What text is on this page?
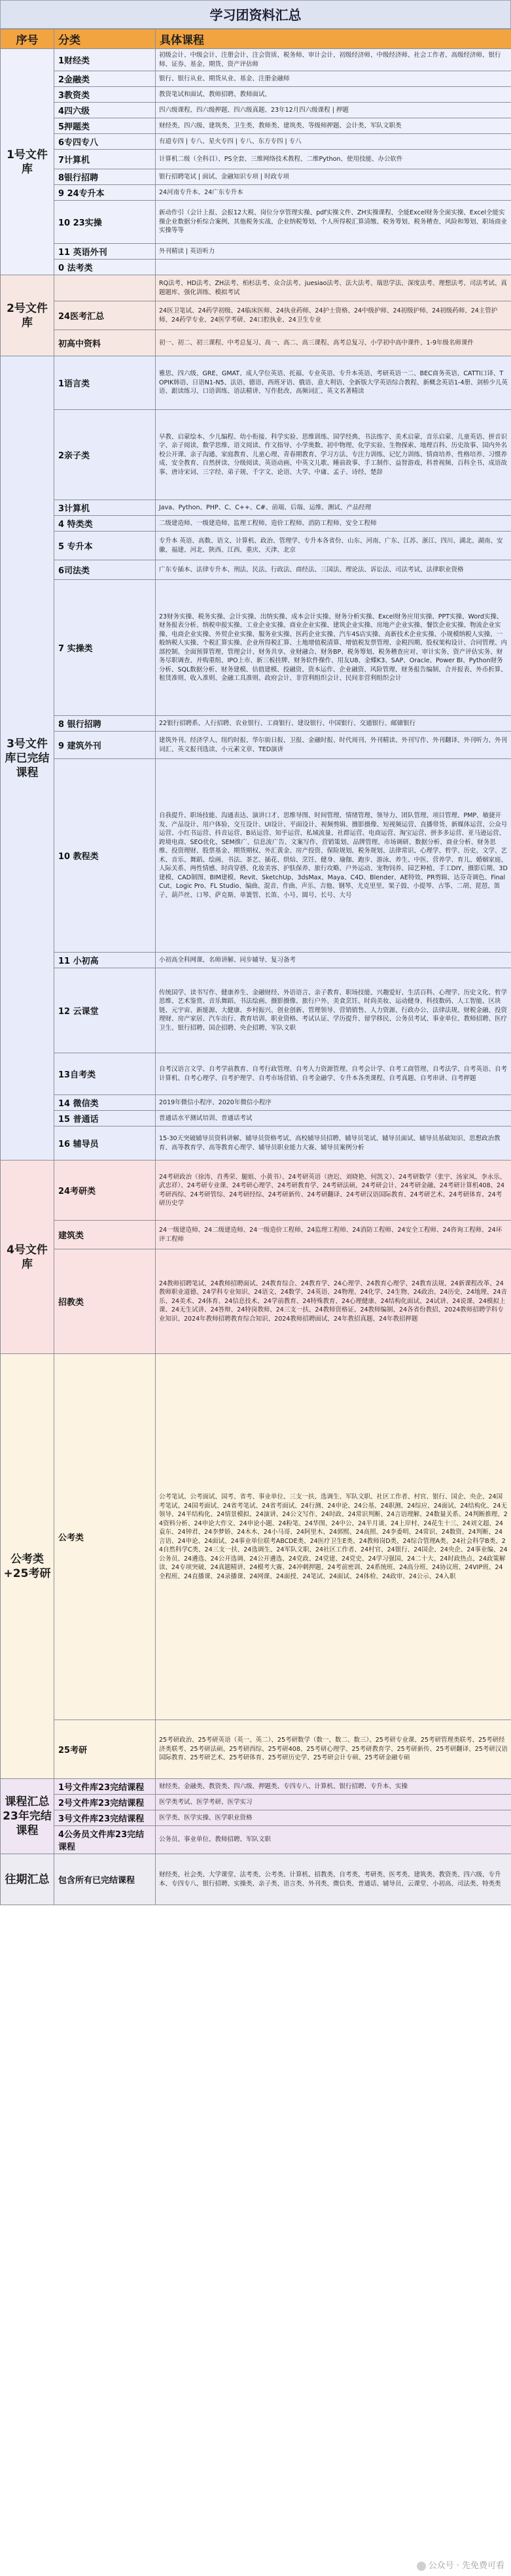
学习团资料汇总
序号	分类	具体课程
1号文件库	1财经类	初级会计、中级会计、注册会计、注会资质、税务师、审计会计、初级经济师、中级经济师、社会工作者、高级经济师、银行师、证券、基金、期货、资产评估师
	2金融类	银行、银行从业、期货从业、基金、注册金融师
	3教资类	教资笔试和面试、教师招聘、教师面试、
	4四六级	四六级课程、四六级押题、四六级真题、23年12月四六级课程 | 押题
	5押题类	财经类、四六级、建筑类、卫生类、教师类、建筑类、等级师押题、会计类、军队文职类
	6专四专八	有道专四 | 专八、星火专四 | 专八、东方专四 | 专八
	7计算机	计算机二级（全科目）、PS全套、三维网络技术教程、二维Python、使用技能、办公软件
	8银行招聘	银行招聘笔试 | 面试、金融知识专项 | 时政专项
	9 24专升本	24河南专升本、24广东专升本
	10 23实操	新动作引（会计上报、会报12大税、岗位分享管理实操、pdf实操文件、ZH实操课程、全能Excel财务全面实操、Excel全能实操企业数据分析综合案例、其他税务实战、企业纳税筹划、个人所得税汇算清缴、税务筹划、税务稽查、风险和筹划、职场商业实操等等
	11 英语外刊	外刊精读 | 英语听力
	0 法考类	
2号文件库		RQ法考、HD法考、ZH法考、柏杉法考、众合法考、juesiao法考、法大法考、瑞思学法、深度法考、理想法考、司法考试、真题题库、强化训练、模拟考试
	24医考汇总	24医卫笔试、24药学初级、24临床医师、24执业药师、24护士资格、24中级护师、24初级护师、24初级药师、24主管护师、24药学专业、24医学考研、24口腔执业、24卫生专业
	初高中资料	初一、初二、初三课程、中考总复习、高一、高二、高三课程、高考总复习、小学初中高中课件、1-9年级名师课件
3号文件库已完结课程	1语言类	雅思、四六级、GRE、GMAT、成人学位英语、托福、专业英语、专升本英语、考研英语一二、BEC商务英语、CATTI口译、TOPIK韩语、日语N1-N5、法语、德语、西班牙语、俄语、意大利语、全新版大学英语综合教程、新概念英语1-4册、剑桥少儿英语、跟读练习、口语训练、语法精讲、写作批改、高频词汇、英文名著精读
	2亲子类	早教、启蒙绘本、少儿编程、幼小衔接、科学实验、思维训练、国学经典、书法练字、美术启蒙、音乐启蒙、儿童英语、拼音识字、亲子阅读、数学思维、语文阅读、作文指导、小学奥数、初中物理、化学实验、生物探索、地理百科、历史故事、国内外名校公开课、亲子沟通、家庭教育、儿童心理、青春期教育、学习方法、专注力训练、记忆力训练、情商培养、性格培养、习惯养成、安全教育、自然拼读、分级阅读、英语动画、中英文儿歌、睡前故事、手工制作、益智游戏、科普视频、百科全书、成语故事、唐诗宋词、三字经、弟子规、千字文、论语、大学、中庸、孟子、诗经、楚辞
	3计算机	Java、Python、PHP、C、C++、C#、前端、后端、运维、测试、产品经理
	4 特类类	二级建造师、一级建造师、监理工程师、造价工程师、消防工程师、安全工程师
	5 专升本	专升本 英语、高数、语文、计算机、政治、管理学、专升本各省份、山东、河南、广东、江苏、浙江、四川、湖北、湖南、安徽、福建、河北、陕西、江西、重庆、天津、北京
	6司法类	广东专插本、法律专升本、刑法、民法、行政法、商经法、三国法、理论法、诉讼法、司法考试、法律职业资格
	7 实操类	23财务实操、税务实操、会计实操、出纳实操、成本会计实操、财务分析实操、Excel财务应用实操、PPT实操、Word实操、财务报表分析、纳税申报实操、工业企业实操、商业企业实操、建筑企业实操、房地产企业实操、餐饮企业实操、物流企业实操、电商企业实操、外贸企业实操、服务业实操、医药企业实操、汽车4S店实操、高新技术企业实操、小规模纳税人实操、一般纳税人实操、个税汇算实操、企业所得税汇算、土地增值税清算、增值税发票管理、金税四期、股权架构设计、合同管理、内部控制、全面预算管理、管理会计、财务共享、业财融合、财务BP、税务筹划、税务稽查应对、审计实务、资产评估实务、财务尽职调查、并购重组、IPO上市、新三板挂牌、财务软件操作、用友U8、金蝶K3、SAP、Oracle、Power BI、Python财务分析、SQL数据分析、财务建模、估值建模、投融资、资本运作、企业融资、风险管理、财务报告编制、合并报表、外币折算、租赁准则、收入准则、金融工具准则、政府会计、非营利组织会计、民间非营利组织会计
	8 银行招聘	22银行招聘系、人行招聘、农业银行、工商银行、建设银行、中国银行、交通银行、邮储银行
	9 建筑外刊	建筑外刊、经济学人、纽约时报、华尔街日报、卫报、金融时报、时代周刊、外刊精读、外刊写作、外刊翻译、外刊听力、外刊词汇、英文报刊选读、小元素文章、TED演讲
	10 教程类	自我提升、职场技能、沟通表达、演讲口才、思维导图、时间管理、情绪管理、领导力、团队管理、项目管理、PMP、敏捷开发、产品设计、用户体验、交互设计、UI设计、平面设计、视频剪辑、摄影摄像、短视频运营、直播带货、新媒体运营、公众号运营、小红书运营、抖音运营、B站运营、知乎运营、私域流量、社群运营、电商运营、淘宝运营、拼多多运营、亚马逊运营、跨境电商、SEO优化、SEM推广、信息流广告、文案写作、营销策划、品牌管理、市场调研、数据分析、商业分析、财务思维、投资理财、股票基金、期货期权、外汇黄金、房产投资、保险规划、税务规划、法律常识、心理学、哲学、历史、文学、艺术、音乐、舞蹈、绘画、书法、茶艺、插花、烘焙、烹饪、健身、瑜伽、跑步、游泳、养生、中医、营养学、育儿、婚姻家庭、人际关系、两性情感、时尚穿搭、化妆美容、护肤保养、旅行攻略、户外运动、宠物饲养、园艺种植、手工DIY、摄影后期、3D建模、CAD制图、BIM建模、Revit、SketchUp、3dsMax、Maya、C4D、Blender、AE特效、PR剪辑、达芬奇调色、Final Cut、Logic Pro、FL Studio、编曲、混音、作曲、声乐、吉他、钢琴、尤克里里、架子鼓、小提琴、古筝、二胡、琵琶、笛子、葫芦丝、口琴、萨克斯、单簧管、长笛、小号、圆号、长号、大号
	11 小初高	小初高全科网课、名师讲解、同步辅导、复习备考
	12 云课堂	传统国学、读书写作、健康养生、金融财经、外语语言、亲子教育、职场技能、兴趣爱好、生活百科、心理学、历史文化、哲学思维、艺术鉴赏、音乐舞蹈、书法绘画、摄影摄像、旅行户外、美食烹饪、时尚美妆、运动健身、科技数码、人工智能、区块链、元宇宙、新能源、大健康、乡村振兴、创业创新、管理领导、营销销售、人力资源、行政办公、法律法规、财税金融、投资理财、房产家居、汽车出行、教育培训、职业资格、考试认证、学历提升、留学移民、公务员考试、事业单位、教师招聘、医疗卫生、银行招聘、国企招聘、央企招聘、军队文职
	13自考类	自考汉语言文学、自考学前教育、自考行政管理、自考人力资源管理、自考会计学、自考工商管理、自考法学、自考英语、自考计算机、自考心理学、自考护理学、自考市场营销、自考金融学、专升本各类课程、自考真题、自考串讲、自考押题
	14 微信类	2019年微信小程序、2020年微信小程序
	15 普通话	普通话水平测试培训、普通话考试
	16 辅导员	15-30天突破辅导员资料讲解、辅导员资格考试、高校辅导员招聘、辅导员笔试、辅导员面试、辅导员基础知识、思想政治教育、高等教育学、高等教育心理学、辅导员职业能力大赛、辅导员案例分析
4号文件库	24考研类	24考研政治（徐涛、肖秀荣、腿姐、小黄书）、24考研英语（唐迟、刘晓艳、何凯文）、24考研数学（张宇、汤家凤、李永乐、武忠祥）、24考研专业课、24考研心理学、24考研教育学、24考研法硕、24考研会计、24考研金融、24考研计算机408、24考研西综、24考研管综、24考研经综、24考研新传、24考研翻译、24考研汉语国际教育、24考研艺术、24考研体育、24考研历史学
	建筑类	24一级建造师、24二级建造师、24一级造价工程师、24监理工程师、24消防工程师、24安全工程师、24咨询工程师、24环评工程师
	招教类	24教师招聘笔试、24教师招聘面试、24教育综合、24教育学、24心理学、24教育心理学、24教育法规、24新课程改革、24教师职业道德、24学科专业知识、24语文、24数学、24英语、24物理、24化学、24生物、24政治、24历史、24地理、24音乐、24美术、24体育、24信息技术、24学前教育、24特殊教育、24心理健康、24结构化面试、24试讲、24说课、24模拟上课、24无生试讲、24答辩、24特岗教师、24三支一扶、24教师资格证、24教师编制、24各省份教招、2024教师招聘学科专业知识、2024年教师招聘教育综合知识、2024教师招聘面试、24年教招真题、24年教招押题
公考类+25考研	公考类	公考笔试、公考面试、国考、省考、事业单位、三支一扶、选调生、军队文职、社区工作者、村官、银行、国企、央企、24国考笔试、24国考面试、24省考笔试、24省考面试、24行测、24申论、24公基、24职测、24综应、24面试、24结构化、24无领导、24半结构化、24情景模拟、24演讲、24公文写作、24时政、24常识判断、24言语理解、24数量关系、24判断推理、24资料分析、24申论大作文、24申论小题、24粉笔、24华图、24中公、24半月谈、24上岸村、24花生十三、24刘文超、24袁东、24钟君、24李梦娇、24木木、24小马哥、24阿里木、24郭熙、24高照、24李委明、24常识、24数资、24判断、24言语、24申论、24面试、24事业单位联考ABCDE类、24医疗卫生E类、24教师岗D类、24综合管理A类、24社会科学B类、24自然科学C类、24三支一扶、24选调生、24军队文职、24社区工作者、24村官、24银行、24国企、24央企、24事业编、24公务员、24遴选、24公开选调、24公开遴选、24党政、24党建、24党史、24学习强国、24二十大、24时政热点、24政策解读、24专项突破、24真题精讲、24模考大赛、24冲刺押题、24考前密训、24系统班、24高分班、24协议班、24VIP班、24全程班、24直播课、24录播课、24网课、24面授、24笔试、24面试、24体检、24政审、24公示、24入职
	25考研	25考研政治、25考研英语（英一、英二）、25考研数学（数一、数二、数三）、25考研专业课、25考研管理类联考、25考研经济类联考、25考研法硕、25考研西综、25考研408、25考研心理学、25考研教育学、25考研新传、25考研翻译、25考研汉语国际教育、25考研艺术、25考研体育、25考研历史学、25考研会计专硕、25考研金融专硕
课程汇总23年完结课程	1号文件库23完结课程	财经类、金融类、教资类、四六级、押题类、专四专八、计算机、银行招聘、专升本、实操
	2号文件库23完结课程	医学类考试、医学考研、医学实习
	3号文件库23完结课程	医学类、医学实操、医学职业资格
	4公务员文件库23完结课程	公务员、事业单位、教师招聘、军队文职
往期汇总	包含所有已完结课程	财经类、社会类、大学课堂、法考类、公考类、计算机、招教类、自考类、考研类、医考类、建筑类、教资类、四六级、专升本、专四专八、银行招聘、实操类、亲子类、语言类、外刊类、微信类、普通话、辅导员、云课堂、小初高、司法类、特类类
公众号 · 先免费可看
